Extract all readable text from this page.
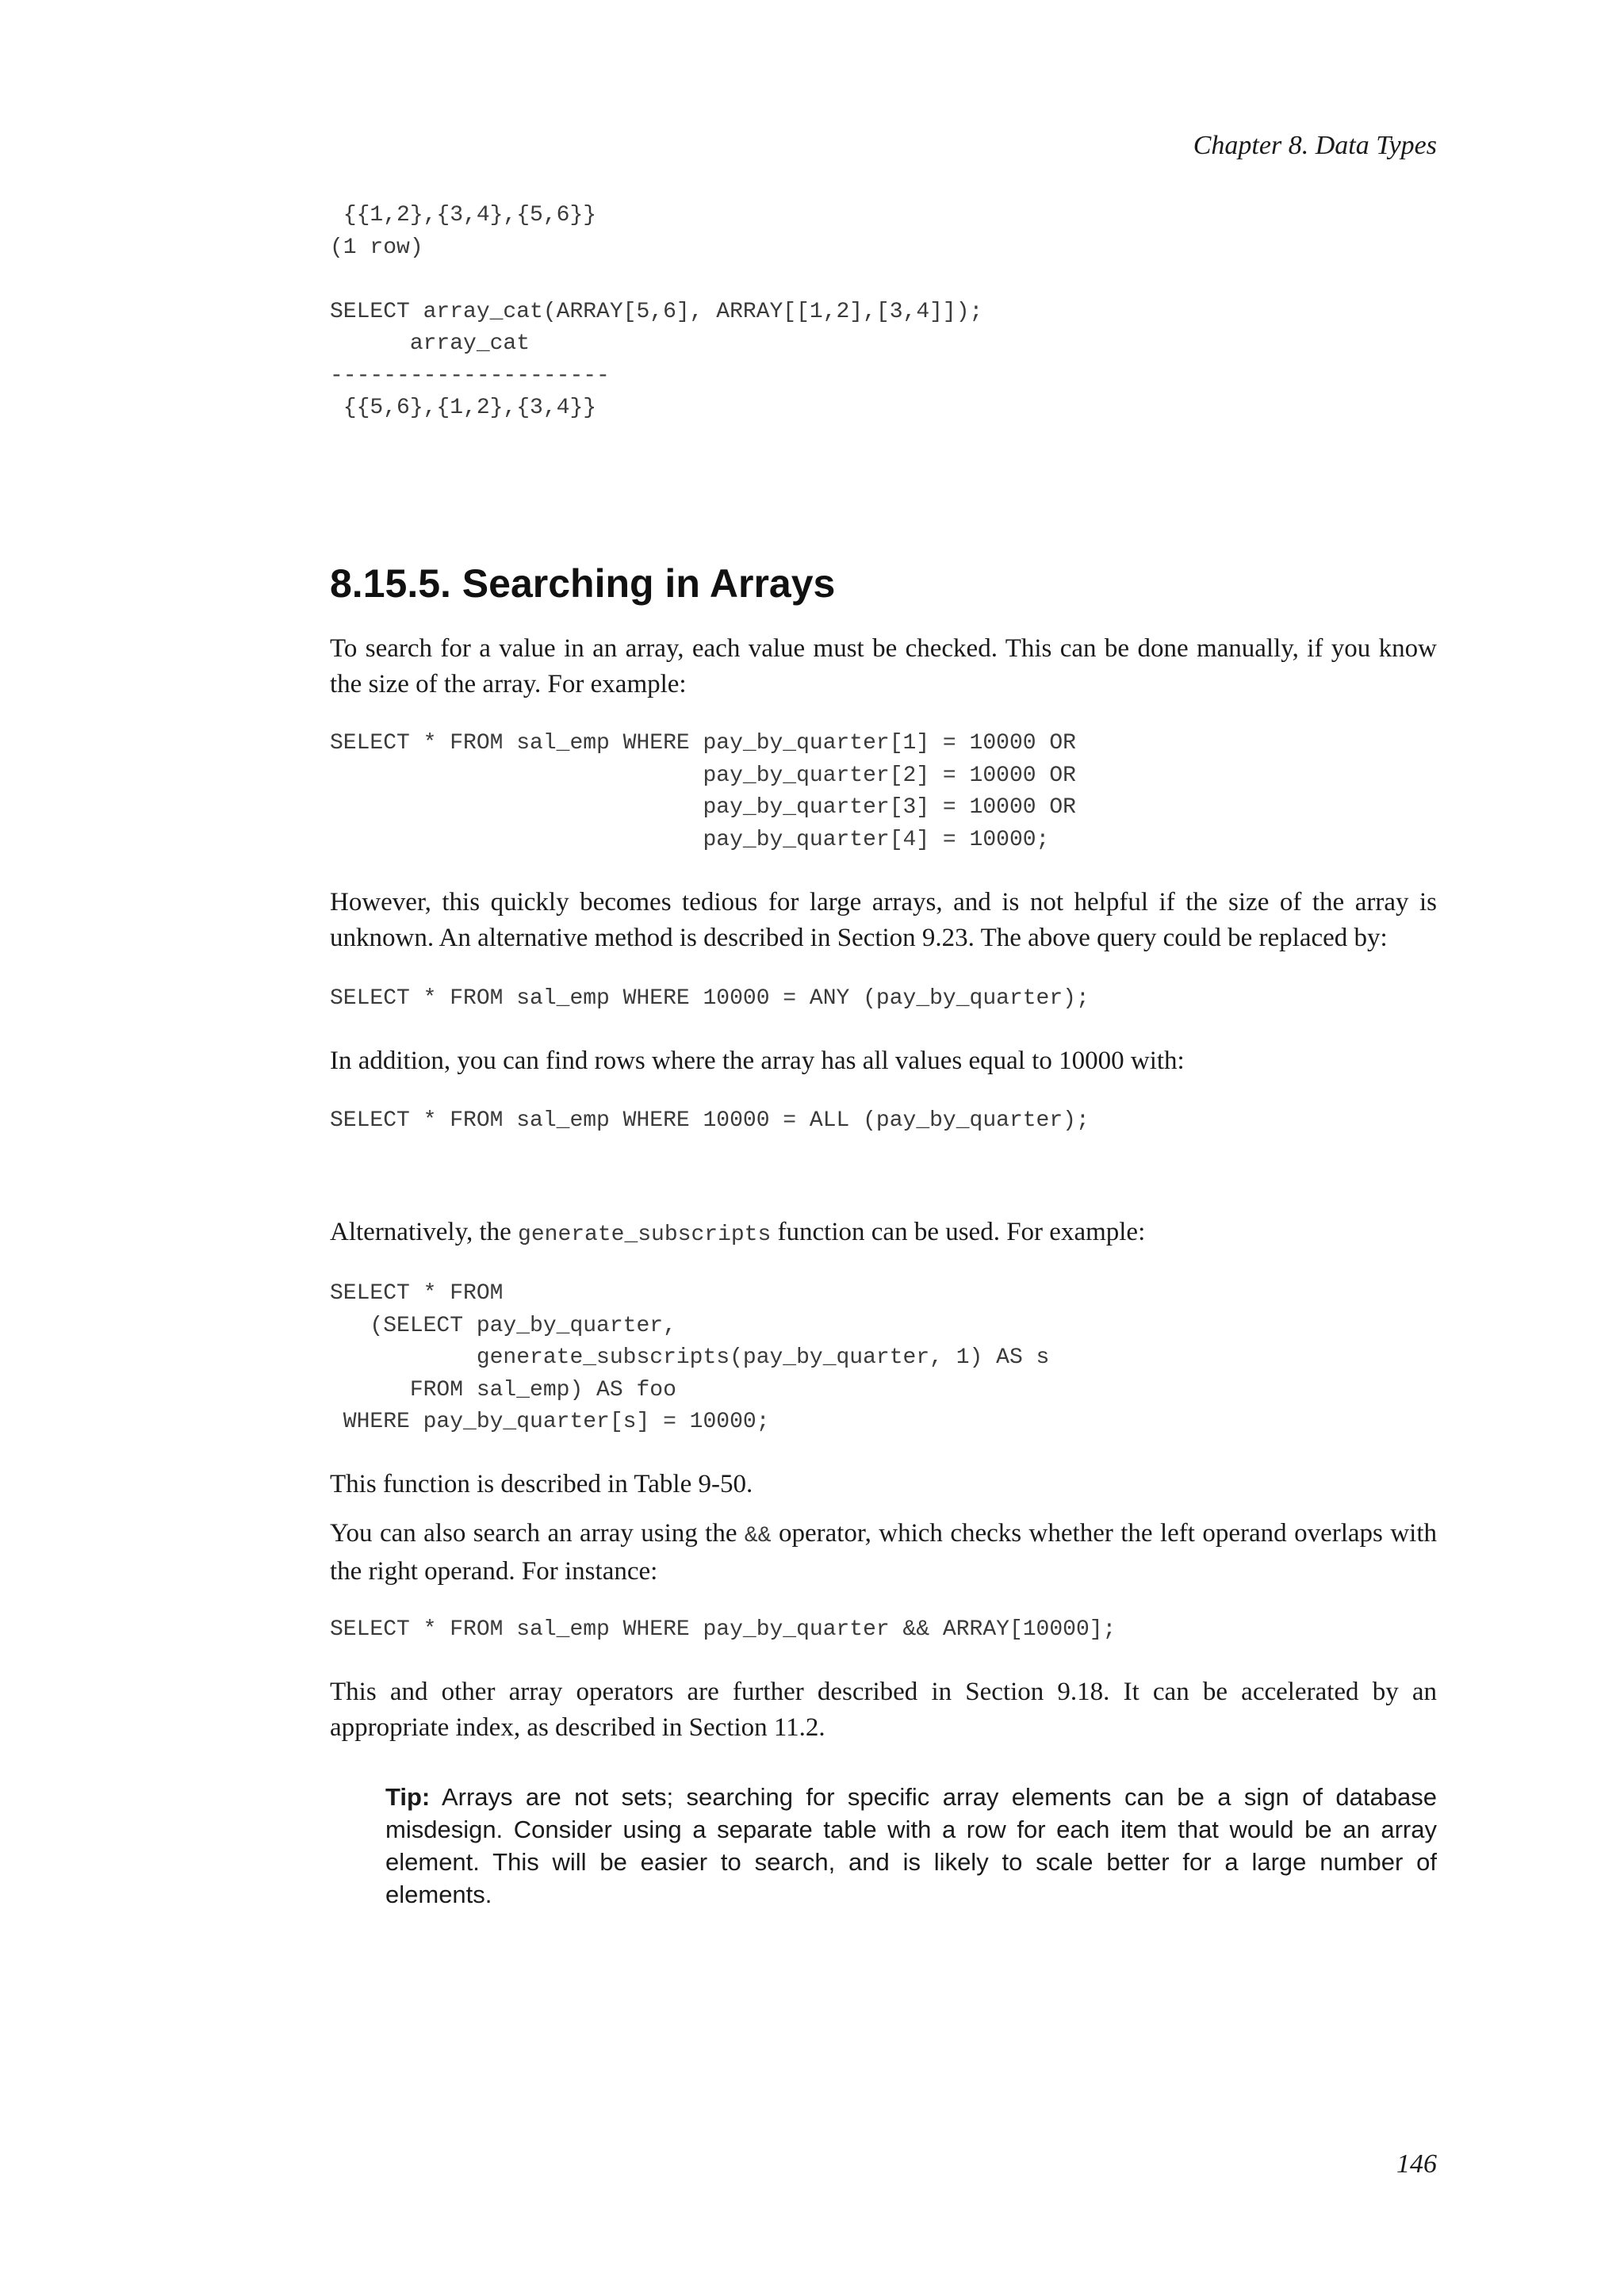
Chapter 8. Data Types
{{1,2},{3,4},{5,6}}
(1 row)

SELECT array_cat(ARRAY[5,6], ARRAY[[1,2],[3,4]]);
array_cat
---------------------
{{5,6},{1,2},{3,4}}
8.15.5. Searching in Arrays

To search for a value in an array, each value must be checked. This can be done manually, if you know the size of the array. For example:

SELECT * FROM sal_emp WHERE pay_by_quarter[1] = 10000 OR
pay_by_quarter[2] = 10000 OR
pay_by_quarter[3] = 10000 OR
pay_by_quarter[4] = 10000;

However, this quickly becomes tedious for large arrays, and is not helpful if the size of the array is unknown. An alternative method is described in Section 9.23. The above query could be replaced by:

SELECT * FROM sal_emp WHERE 10000 = ANY (pay_by_quarter);

In addition, you can find rows where the array has all values equal to 10000 with:

SELECT * FROM sal_emp WHERE 10000 = ALL (pay_by_quarter);

Alternatively, the generate_subscripts function can be used. For example:

SELECT * FROM
(SELECT pay_by_quarter,
generate_subscripts(pay_by_quarter, 1) AS s
FROM sal_emp) AS foo
WHERE pay_by_quarter[s] = 10000;

This function is described in Table 9-50.

You can also search an array using the && operator, which checks whether the left operand overlaps with the right operand. For instance:

SELECT * FROM sal_emp WHERE pay_by_quarter && ARRAY[10000];

This and other array operators are further described in Section 9.18. It can be accelerated by an appropriate index, as described in Section 11.2.

Tip: Arrays are not sets; searching for specific array elements can be a sign of database misdesign. Consider using a separate table with a row for each item that would be an array element. This will be easier to search, and is likely to scale better for a large number of elements.
146
